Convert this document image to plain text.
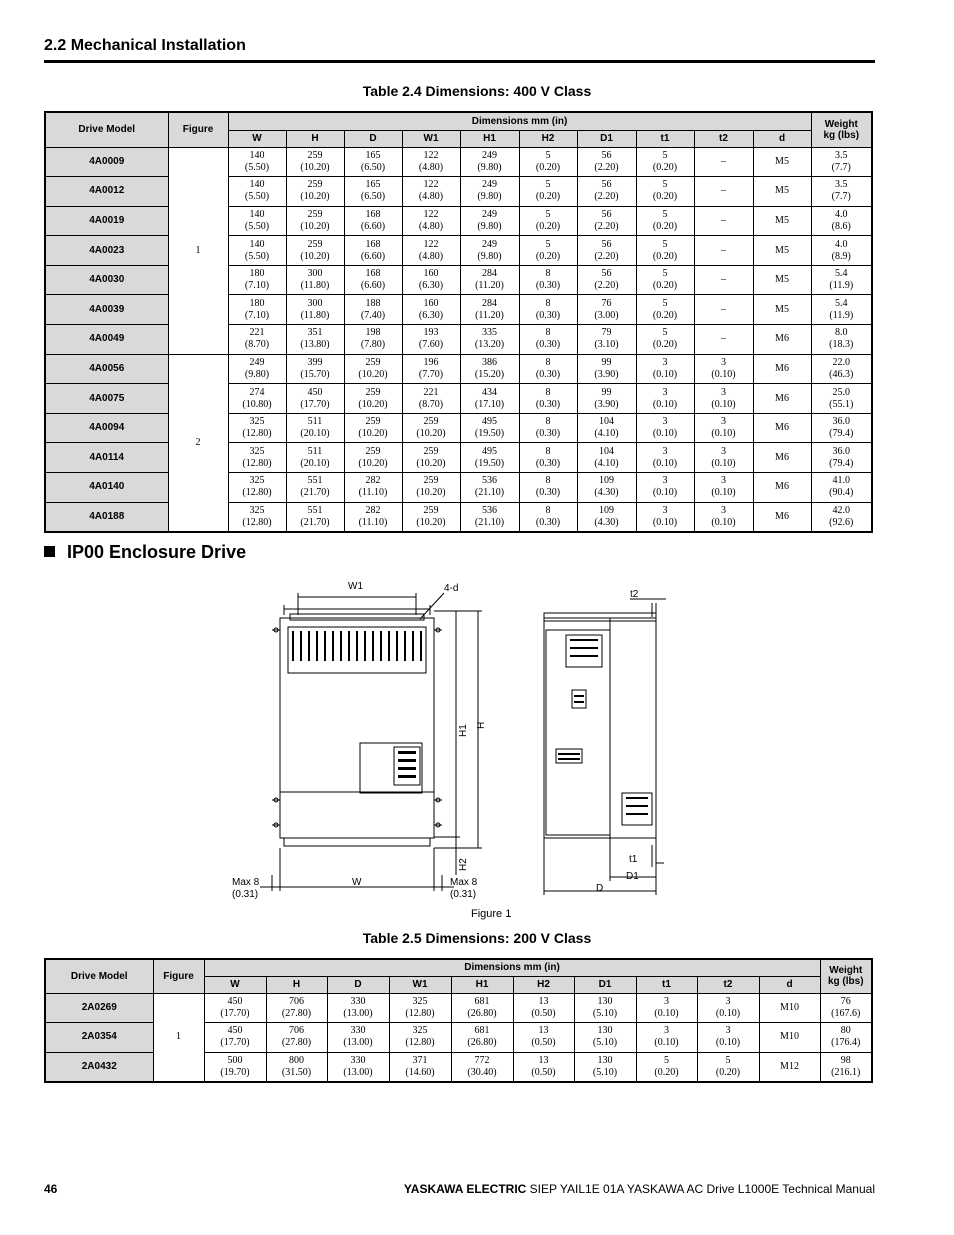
2.2 Mechanical Installation
Table 2.4 Dimensions: 400 V Class
Drive Model	Figure	Dimensions mm (in)										Weight
kg (lbs)

		W	H	D	W1	H1	H2	D1	t1	t2	d	
4A0009	1	140
(5.50)	259
(10.20)	165
(6.50)	122
(4.80)	249
(9.80)	5
(0.20)	56
(2.20)	5
(0.20)	–	M5	3.5
(7.7)

4A0012		140
(5.50)	259
(10.20)	165
(6.50)	122
(4.80)	249
(9.80)	5
(0.20)	56
(2.20)	5
(0.20)	–	M5	3.5
(7.7)

4A0019		140
(5.50)	259
(10.20)	168
(6.60)	122
(4.80)	249
(9.80)	5
(0.20)	56
(2.20)	5
(0.20)	–	M5	4.0
(8.6)

4A0023		140
(5.50)	259
(10.20)	168
(6.60)	122
(4.80)	249
(9.80)	5
(0.20)	56
(2.20)	5
(0.20)	–	M5	4.0
(8.9)

4A0030		180
(7.10)	300
(11.80)	168
(6.60)	160
(6.30)	284
(11.20)	8
(0.30)	56
(2.20)	5
(0.20)	–	M5	5.4
(11.9)

4A0039		180
(7.10)	300
(11.80)	188
(7.40)	160
(6.30)	284
(11.20)	8
(0.30)	76
(3.00)	5
(0.20)	–	M5	5.4
(11.9)

4A0049		221
(8.70)	351
(13.80)	198
(7.80)	193
(7.60)	335
(13.20)	8
(0.30)	79
(3.10)	5
(0.20)	–	M6	8.0
(18.3)

4A0056	2	249
(9.80)	399
(15.70)	259
(10.20)	196
(7.70)	386
(15.20)	8
(0.30)	99
(3.90)	3
(0.10)	3
(0.10)	M6	22.0
(46.3)

4A0075		274
(10.80)	450
(17.70)	259
(10.20)	221
(8.70)	434
(17.10)	8
(0.30)	99
(3.90)	3
(0.10)	3
(0.10)	M6	25.0
(55.1)

4A0094		325
(12.80)	511
(20.10)	259
(10.20)	259
(10.20)	495
(19.50)	8
(0.30)	104
(4.10)	3
(0.10)	3
(0.10)	M6	36.0
(79.4)

4A0114		325
(12.80)	511
(20.10)	259
(10.20)	259
(10.20)	495
(19.50)	8
(0.30)	104
(4.10)	3
(0.10)	3
(0.10)	M6	36.0
(79.4)

4A0140		325
(12.80)	551
(21.70)	282
(11.10)	259
(10.20)	536
(21.10)	8
(0.30)	109
(4.30)	3
(0.10)	3
(0.10)	M6	41.0
(90.4)

4A0188		325
(12.80)	551
(21.70)	282
(11.10)	259
(10.20)	536
(21.10)	8
(0.30)	109
(4.30)	3
(0.10)	3
(0.10)	M6	42.0
(92.6)
IP00 Enclosure Drive
W1	4-d
H1 H
H2
W
Max 8
(0.31)
Max 8
(0.31)
t2
t1
D1
D
Figure 1
Table 2.5 Dimensions: 200 V Class
Drive Model	Figure	Dimensions mm (in)										Weight
kg (lbs)

		W	H	D	W1	H1	H2	D1	t1	t2	d	
2A0269	1	450
(17.70)	706
(27.80)	330
(13.00)	325
(12.80)	681
(26.80)	13
(0.50)	130
(5.10)	3
(0.10)	3
(0.10)	M10	76
(167.6)

2A0354		450
(17.70)	706
(27.80)	330
(13.00)	325
(12.80)	681
(26.80)	13
(0.50)	130
(5.10)	3
(0.10)	3
(0.10)	M10	80
(176.4)

2A0432		500
(19.70)	800
(31.50)	330
(13.00)	371
(14.60)	772
(30.40)	13
(0.50)	130
(5.10)	5
(0.20)	5
(0.20)	M12	98
(216.1)
46	YASKAWA ELECTRIC SIEP YAIL1E 01A YASKAWA AC Drive L1000E Technical Manual
